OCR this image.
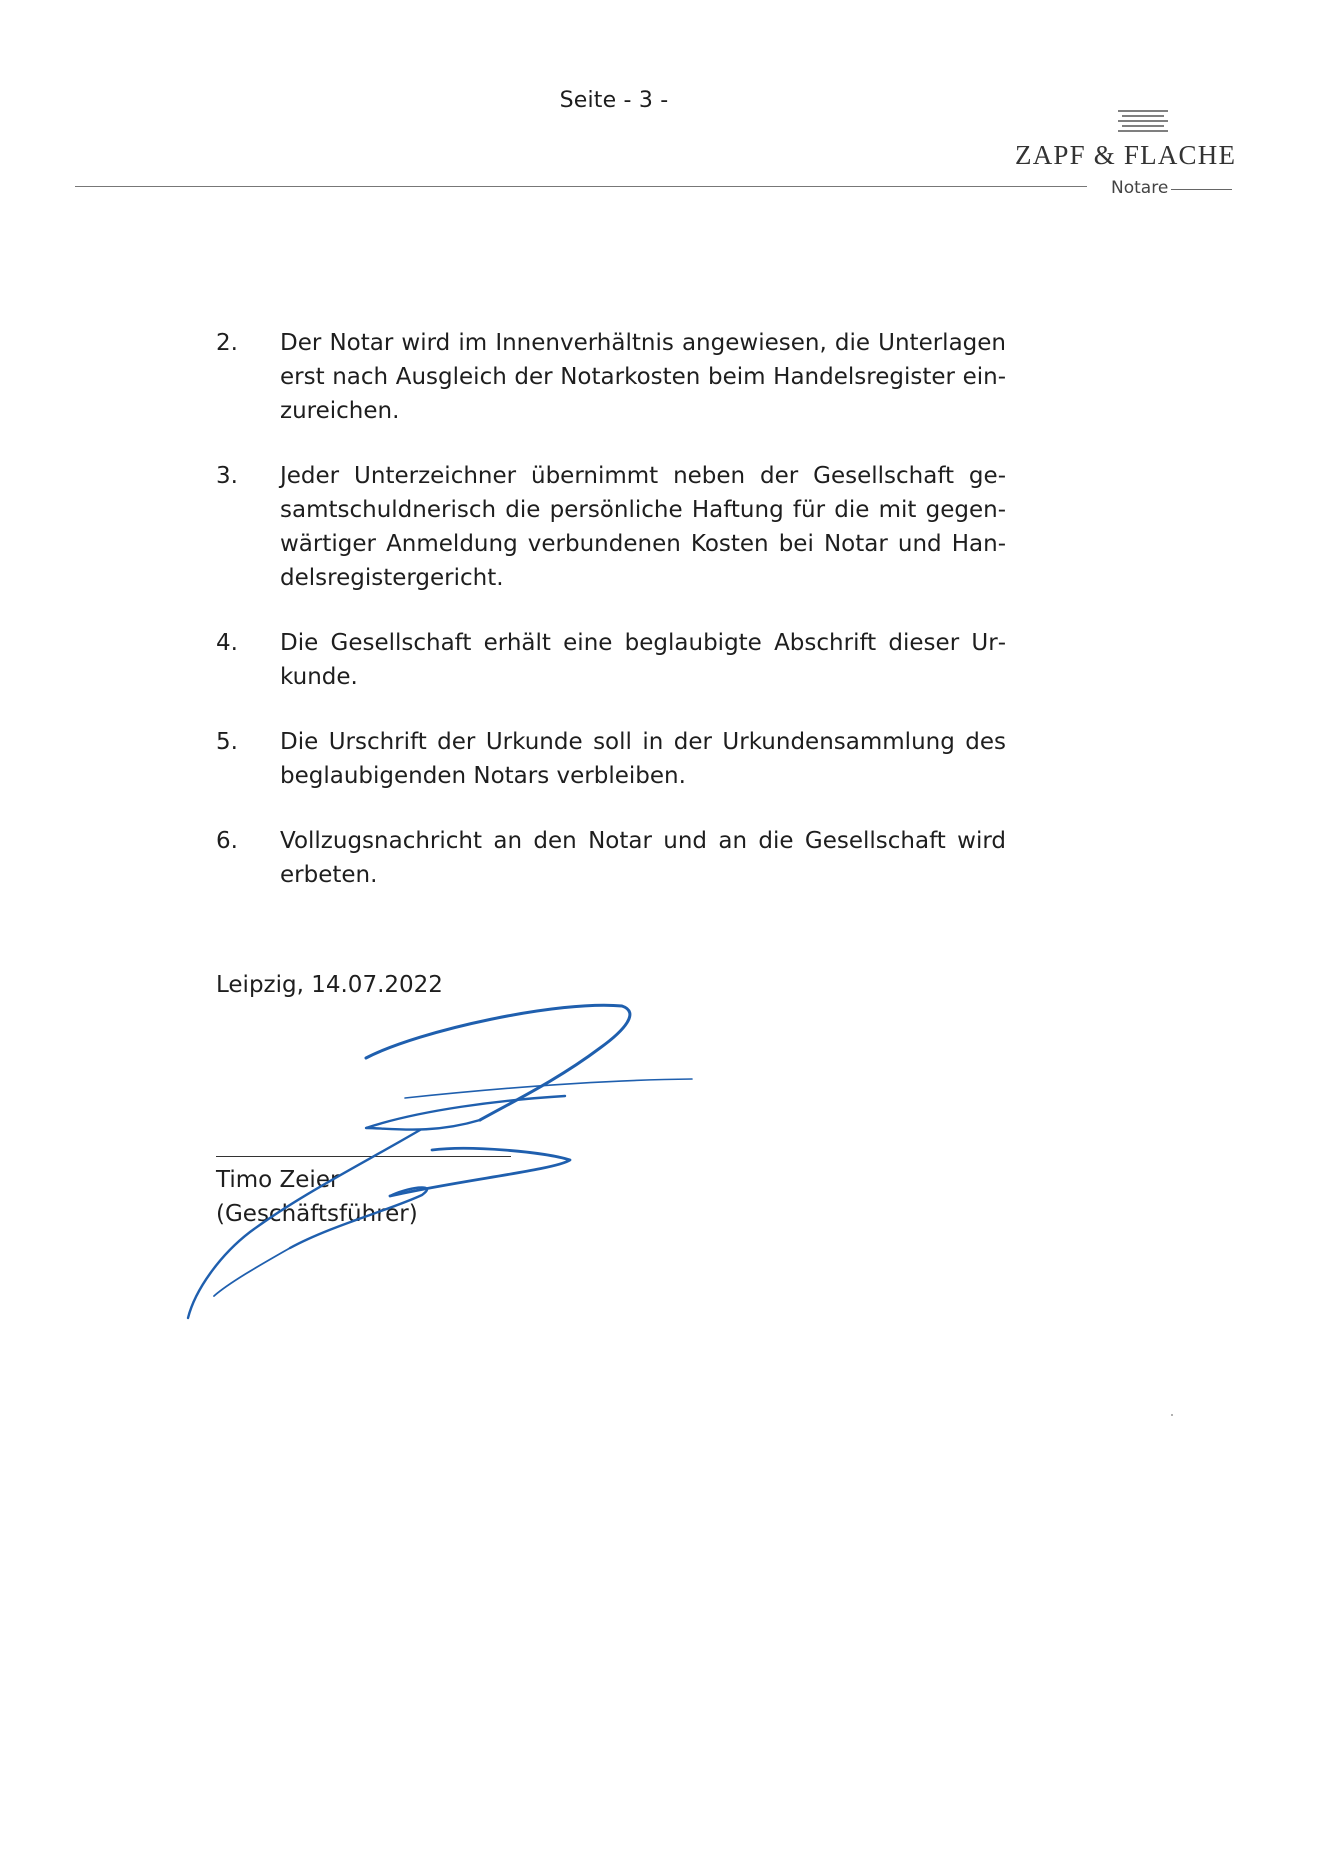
Seite - 3 -
ZAPF & FLACHE
Notare
2. Der Notar wird im Innenverhältnis angewiesen, die Unterlagen erst nach Ausgleich der Notarkosten beim Handelsregister einzureichen.
3. Jeder Unterzeichner übernimmt neben der Gesellschaft gesamtschuldnerisch die persönliche Haftung für die mit gegenwärtiger Anmeldung verbundenen Kosten bei Notar und Handelsregistergericht.
4. Die Gesellschaft erhält eine beglaubigte Abschrift dieser Urkunde.
5. Die Urschrift der Urkunde soll in der Urkundensammlung des beglaubigenden Notars verbleiben.
6. Vollzugsnachricht an den Notar und an die Gesellschaft wird erbeten.
Leipzig, 14.07.2022
Timo Zeier
(Geschäftsführer)
